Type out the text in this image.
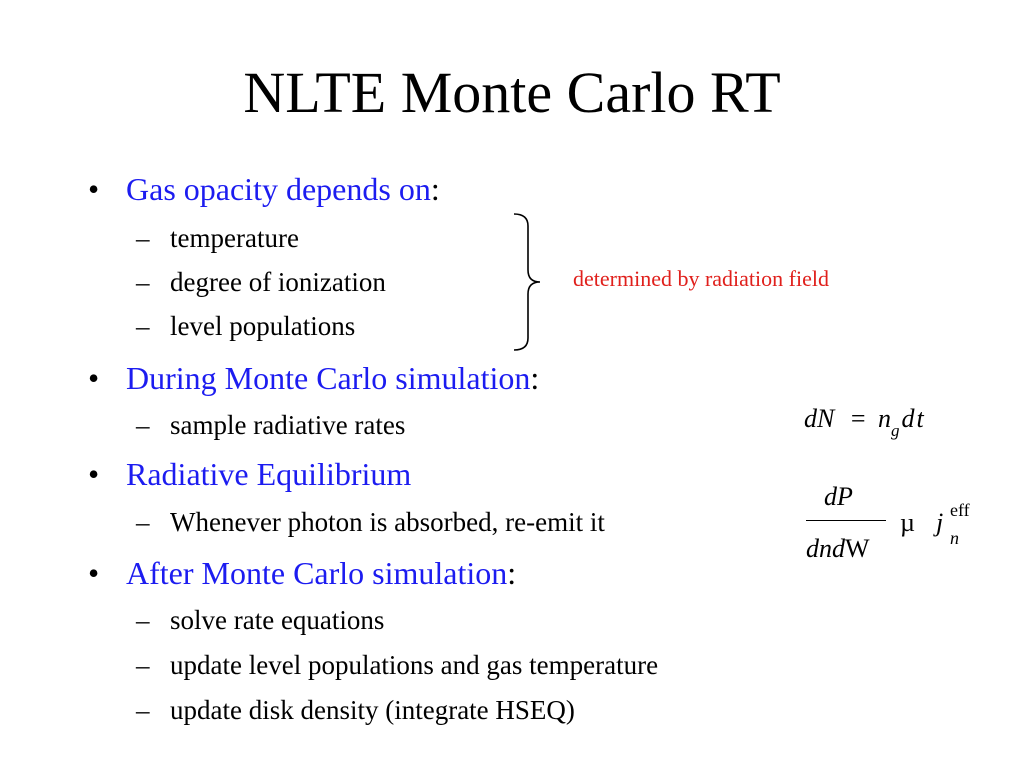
NLTE Monte Carlo RT
• Gas opacity depends on:
– temperature
– degree of ionization
– level populations
determined by radiation field
• During Monte Carlo simulation:
– sample radiative rates	dN = $n_gdt$
• Radiative Equilibrium
– Whenever photon is absorbed, re-emit it
dP
dndW
µ j eff
n
• After Monte Carlo simulation:
– solve rate equations
– update level populations and gas temperature
– update disk density (integrate HSEQ)
